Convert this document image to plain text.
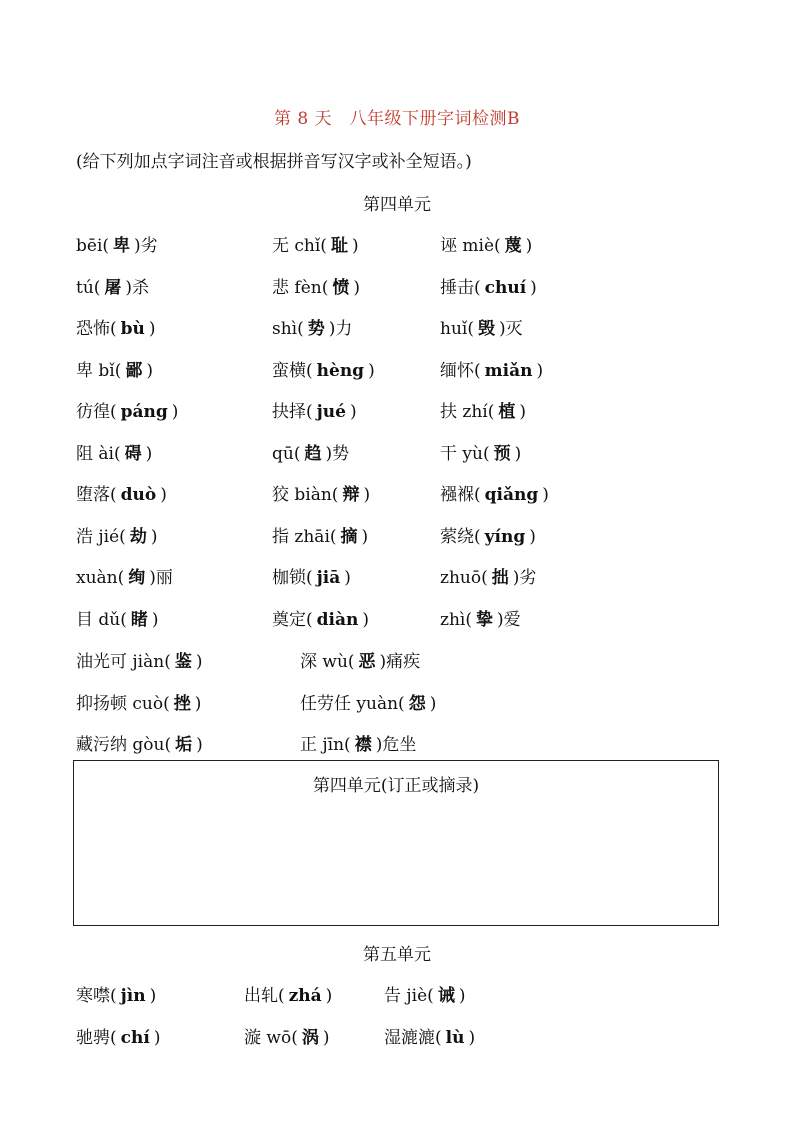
第 8 天　八年级下册字词检测B
(给下列加点字词注音或根据拼音写汉字或补全短语。)
第四单元
bēi( 卑 )劣	无 chǐ( 耻 )	诬 miè( 蔑 )
tú( 屠 )杀	悲 fèn( 愤 )	捶击( chuí )
恐怖( bù )	shì( 势 )力	huǐ( 毁 )灭
卑 bǐ( 鄙 )	蛮横( hèng )	缅怀( miǎn )
彷徨( páng )	抉择( jué )	扶 zhí( 植 )
阻 ài( 碍 )	qū( 趋 )势	干 yù( 预 )
堕落( duò )	狡 biàn( 辩 )	襁褓( qiǎng )
浩 jié( 劫 )	指 zhāi( 摘 )	萦绕( yíng )
xuàn( 绚 )丽	枷锁( jiā )	zhuō( 拙 )劣
目 dǔ( 睹 )	奠定( diàn )	zhì( 挚 )爱
油光可 jiàn( 鉴 )	深 wù( 恶 )痛疾
抑扬顿 cuò( 挫 )	任劳任 yuàn( 怨 )
藏污纳 gòu( 垢 )	正 jīn( 襟 )危坐
第四单元(订正或摘录)
第五单元
寒噤( jìn )	出轧( zhá )	告 jiè( 诫 )
驰骋( chí )	漩 wō( 涡 )	湿漉漉( lù )
